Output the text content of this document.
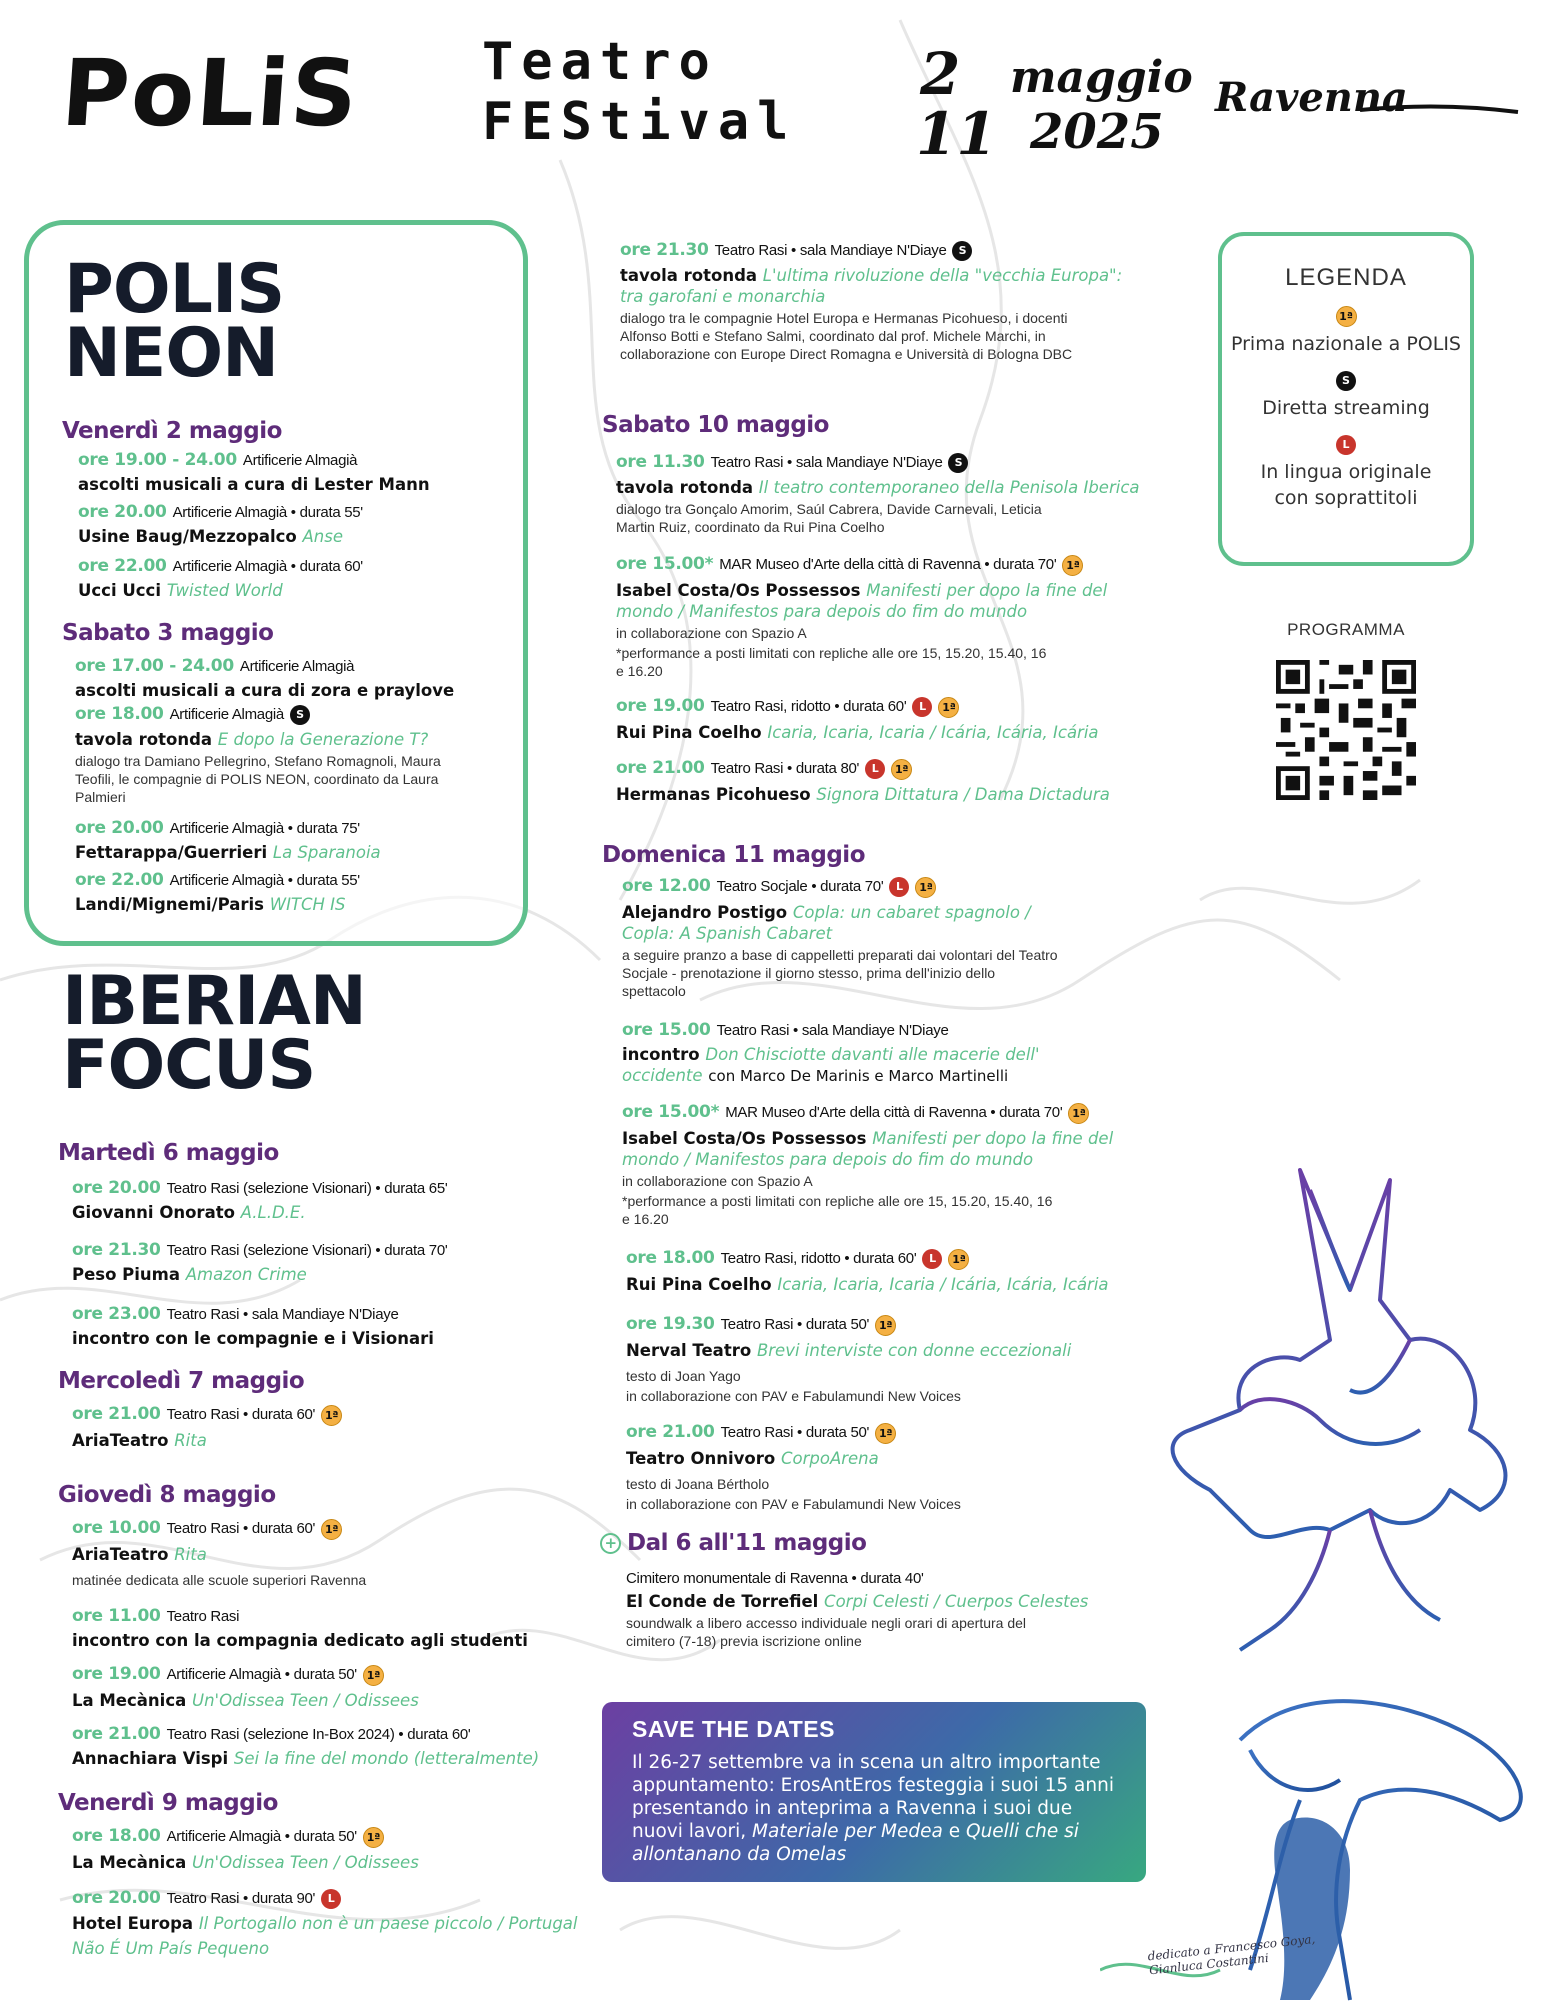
PoLiS Teatro
FEStival
2
11
maggio
2025
Ravenna
POLIS
NEON
Venerdì 2 maggio
ore 19.00 - 24.00 Artificerie Almagià
ascolti musicali a cura di Lester Mann
ore 20.00 Artificerie Almagià • durata 55'
Usine Baug/Mezzopalco Anse
ore 22.00 Artificerie Almagià • durata 60'
Ucci Ucci Twisted World
Sabato 3 maggio
ore 17.00 - 24.00 Artificerie Almagià
ascolti musicali a cura di zora e praylove
ore 18.00 Artificerie Almagià S
tavola rotonda E dopo la Generazione T?
dialogo tra Damiano Pellegrino, Stefano Romagnoli, Maura Teofili, le compagnie di POLIS NEON, coordinato da Laura Palmieri
ore 20.00 Artificerie Almagià • durata 75'
Fettarappa/Guerrieri La Sparanoia
ore 22.00 Artificerie Almagià • durata 55'
Landi/Mignemi/Paris WITCH IS
IBERIAN
FOCUS
Martedì 6 maggio
ore 20.00 Teatro Rasi (selezione Visionari) • durata 65'
Giovanni Onorato A.L.D.E.
ore 21.30 Teatro Rasi (selezione Visionari) • durata 70'
Peso Piuma Amazon Crime
ore 23.00 Teatro Rasi • sala Mandiaye N'Diaye
incontro con le compagnie e i Visionari
Mercoledì 7 maggio
ore 21.00 Teatro Rasi • durata 60' 1ª
AriaTeatro Rita
Giovedì 8 maggio
ore 10.00 Teatro Rasi • durata 60' 1ª
AriaTeatro Rita
matinée dedicata alle scuole superiori Ravenna
ore 11.00 Teatro Rasi
incontro con la compagnia dedicato agli studenti
ore 19.00 Artificerie Almagià • durata 50' 1ª
La Mecànica Un'Odissea Teen / Odissees
ore 21.00 Teatro Rasi (selezione In-Box 2024) • durata 60'
Annachiara Vispi Sei la fine del mondo (letteralmente)
Venerdì 9 maggio
ore 18.00 Artificerie Almagià • durata 50' 1ª
La Mecànica Un'Odissea Teen / Odissees
ore 20.00 Teatro Rasi • durata 90' L
Hotel Europa Il Portogallo non è un paese piccolo / Portugal
Não É Um País Pequeno
ore 21.30 Teatro Rasi • sala Mandiaye N'Diaye S
tavola rotonda L'ultima rivoluzione della "vecchia Europa":
tra garofani e monarchia
dialogo tra le compagnie Hotel Europa e Hermanas Picohueso, i docenti Alfonso Botti e Stefano Salmi, coordinato dal prof. Michele Marchi, in collaborazione con Europe Direct Romagna e Università di Bologna DBC
Sabato 10 maggio
ore 11.30 Teatro Rasi • sala Mandiaye N'Diaye S
tavola rotonda Il teatro contemporaneo della Penisola Iberica
dialogo tra Gonçalo Amorim, Saúl Cabrera, Davide Carnevali, Leticia Martin Ruiz, coordinato da Rui Pina Coelho
ore 15.00* MAR Museo d'Arte della città di Ravenna • durata 70' 1ª
Isabel Costa/Os Possessos Manifesti per dopo la fine del
mondo / Manifestos para depois do fim do mundo
in collaborazione con Spazio A
*performance a posti limitati con repliche alle ore 15, 15.20, 15.40, 16 e 16.20
ore 19.00 Teatro Rasi, ridotto • durata 60' L 1ª
Rui Pina Coelho Icaria, Icaria, Icaria / Icária, Icária, Icária
ore 21.00 Teatro Rasi • durata 80' L 1ª
Hermanas Picohueso Signora Dittatura / Dama Dictadura
Domenica 11 maggio
ore 12.00 Teatro Socjale • durata 70' L 1ª
Alejandro Postigo Copla: un cabaret spagnolo /
Copla: A Spanish Cabaret
a seguire pranzo a base di cappelletti preparati dai volontari del Teatro Socjale - prenotazione il giorno stesso, prima dell'inizio dello spettacolo
ore 15.00 Teatro Rasi • sala Mandiaye N'Diaye
incontro Don Chisciotte davanti alle macerie dell'
occidente con Marco De Marinis e Marco Martinelli
ore 15.00* MAR Museo d'Arte della città di Ravenna • durata 70' 1ª
Isabel Costa/Os Possessos Manifesti per dopo la fine del
mondo / Manifestos para depois do fim do mundo
in collaborazione con Spazio A
*performance a posti limitati con repliche alle ore 15, 15.20, 15.40, 16 e 16.20
ore 18.00 Teatro Rasi, ridotto • durata 60' L 1ª
Rui Pina Coelho Icaria, Icaria, Icaria / Icária, Icária, Icária
ore 19.30 Teatro Rasi • durata 50' 1ª
Nerval Teatro Brevi interviste con donne eccezionali
testo di Joan Yago
in collaborazione con PAV e Fabulamundi New Voices
ore 21.00 Teatro Rasi • durata 50' 1ª
Teatro Onnivoro CorpoArena
testo di Joana Bértholo
in collaborazione con PAV e Fabulamundi New Voices
+ Dal 6 all'11 maggio
Cimitero monumentale di Ravenna • durata 40'
El Conde de Torrefiel Corpi Celesti / Cuerpos Celestes
soundwalk a libero accesso individuale negli orari di apertura del cimitero (7-18) previa iscrizione online
SAVE THE DATES
Il 26-27 settembre va in scena un altro importante appuntamento: ErosAntEros festeggia i suoi 15 anni presentando in anteprima a Ravenna i suoi due nuovi lavori, Materiale per Medea e Quelli che si allontanano da Omelas
LEGENDA
1ª
Prima nazionale a POLIS
S
Diretta streaming
L
In lingua originale
con soprattitoli
PROGRAMMA
dedicato a Francesco Goya, Gianluca Costantini
